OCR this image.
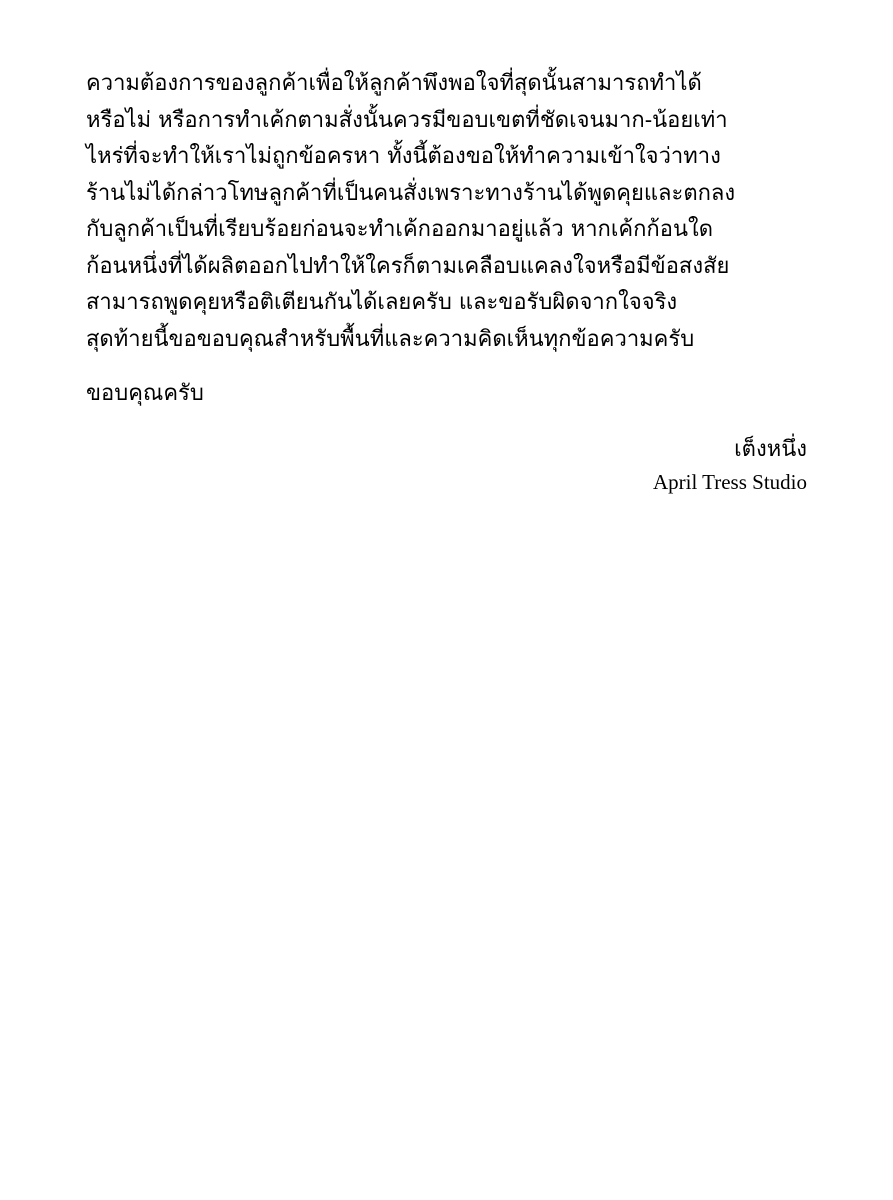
ความต้องการของลูกค้าเพื่อให้ลูกค้าพึงพอใจที่สุดนั้นสามารถทำได้
หรือไม่ หรือการทำเค้กตามสั่งนั้นควรมีขอบเขตที่ชัดเจนมาก-น้อยเท่า
ไหร่ที่จะทำให้เราไม่ถูกข้อครหา ทั้งนี้ต้องขอให้ทำความเข้าใจว่าทาง
ร้านไม่ได้กล่าวโทษลูกค้าที่เป็นคนสั่งเพราะทางร้านได้พูดคุยและตกลง
กับลูกค้าเป็นที่เรียบร้อยก่อนจะทำเค้กออกมาอยู่แล้ว หากเค้กก้อนใด
ก้อนหนึ่งที่ได้ผลิตออกไปทำให้ใครก็ตามเคลือบแคลงใจหรือมีข้อสงสัย
สามารถพูดคุยหรือติเตียนกันได้เลยครับ และขอรับผิดจากใจจริง
สุดท้ายนี้ขอขอบคุณสำหรับพื้นที่และความคิดเห็นทุกข้อความครับ
ขอบคุณครับ
เต็งหนึ่ง
April Tress Studio
